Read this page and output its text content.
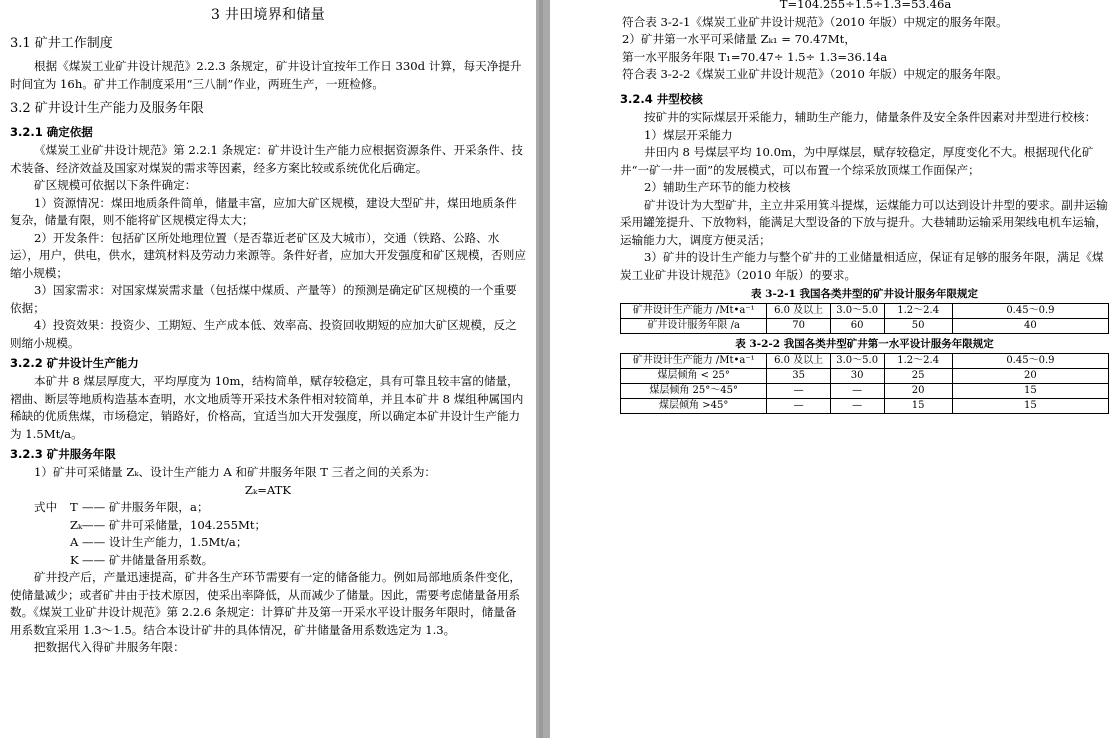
3 井田境界和储量
3.1 矿井工作制度

根据《煤炭工业矿井设计规范》2.2.3 条规定，矿井设计宜按年工作日 330d 计算，每天净提升时间宜为 16h。矿井工作制度采用“三八制”作业，两班生产，一班检修。

3.2 矿井设计生产能力及服务年限
3.2.1 确定依据

《煤炭工业矿井设计规范》第 2.2.1 条规定：矿井设计生产能力应根据资源条件、开采条件、技术装备、经济效益及国家对煤炭的需求等因素，经多方案比较或系统优化后确定。

矿区规模可依据以下条件确定：

1）资源情况：煤田地质条件简单，储量丰富，应加大矿区规模，建设大型矿井，煤田地质条件复杂，储量有限，则不能将矿区规模定得太大；

2）开发条件：包括矿区所处地理位置（是否靠近老矿区及大城市），交通（铁路、公路、水运），用户，供电，供水，建筑材料及劳动力来源等。条件好者，应加大开发强度和矿区规模，否则应缩小规模；

3）国家需求：对国家煤炭需求量（包括煤中煤质、产量等）的预测是确定矿区规模的一个重要依据；

4）投资效果：投资少、工期短、生产成本低、效率高、投资回收期短的应加大矿区规模，反之则缩小规模。

3.2.2 矿井设计生产能力

本矿井 8 煤层厚度大，平均厚度为 10m，结构简单，赋存较稳定，具有可靠且较丰富的储量，褶曲、断层等地质构造基本查明，水文地质等开采技术条件相对较简单，并且本矿井 8 煤组种属国内稀缺的优质焦煤，市场稳定，销路好，价格高，宜适当加大开发强度，所以确定本矿井设计生产能力为 1.5Mt/a。

3.2.3 矿井服务年限

1）矿井可采储量 Zₖ、设计生产能力 A 和矿井服务年限 T 三者之间的关系为：

Zₖ=ATK

式中	T —— 矿井服务年限，a；
Zₖ —— 矿井可采储量，104.255Mt；
A —— 设计生产能力，1.5Mt/a；
K —— 矿井储量备用系数。

矿井投产后，产量迅速提高，矿井各生产环节需要有一定的储备能力。例如局部地质条件变化，使储量减少；或者矿井由于技术原因，使采出率降低，从而减少了储量。因此，需要考虑储量备用系数。《煤炭工业矿井设计规范》第 2.2.6 条规定：计算矿井及第一开采水平设计服务年限时，储量备用系数宜采用 1.3～1.5。结合本设计矿井的具体情况，矿井储量备用系数选定为 1.3。

把数据代入得矿井服务年限：

T=104.255÷1.5÷1.3=53.46a

符合表 3-2-1《煤炭工业矿井设计规范》（2010 年版）中规定的服务年限。

2）矿井第一水平可采储量 Zₖ₁ = 70.47Mt，

第一水平服务年限 T₁=70.47÷ 1.5÷ 1.3=36.14a

符合表 3-2-2《煤炭工业矿井设计规范》（2010 年版）中规定的服务年限。

3.2.4 井型校核

按矿井的实际煤层开采能力，辅助生产能力，储量条件及安全条件因素对井型进行校核：

1）煤层开采能力

井田内 8 号煤层平均 10.0m，为中厚煤层，赋存较稳定，厚度变化不大。根据现代化矿井“一矿一井一面”的发展模式，可以布置一个综采放顶煤工作面保产；

2）辅助生产环节的能力校核

矿井设计为大型矿井，主立井采用箕斗提煤，运煤能力可以达到设计井型的要求。副井运输采用罐笼提升、下放物料，能满足大型设备的下放与提升。大巷辅助运输采用架线电机车运输，运输能力大，调度方便灵活；

3）矿井的设计生产能力与整个矿井的工业储量相适应，保证有足够的服务年限，满足《煤炭工业矿井设计规范》（2010 年版）的要求。

表 3-2-1 我国各类井型的矿井设计服务年限规定
矿井设计生产能力 /Mt•a⁻¹	6.0 及以上	3.0～5.0	1.2～2.4	0.45～0.9
矿井设计服务年限 /a	70	60	50	40
表 3-2-2 我国各类井型矿井第一水平设计服务年限规定
矿井设计生产能力 /Mt•a⁻¹	6.0 及以上	3.0～5.0	1.2～2.4	0.45～0.9
煤层倾角 < 25°	35	30	25	20
煤层倾角 25°～45°	—	—	20	15
煤层倾角 >45°	—	—	15	15
